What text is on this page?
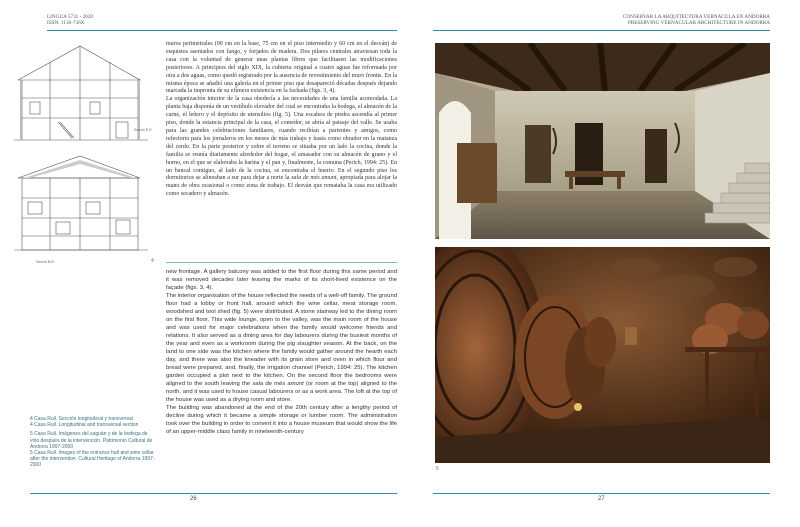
LINGUA 5731 - 2020
ISSN: 1136-736X
CONSERVAR LA ARQUITECTURA VERNACULA EN ANDORRA
PRESERVING VERNACULAR ARCHITECTURE IN ANDORRA
Secció E-E
Secció B-B	4

muros perimetrales (90 cm en la base, 75 cm en el piso intermedio y 60 cm en el desván) de esquistos asentados con fango, y forjados de madera. Dos pilares centrales atraviesan toda la casa con la voluntad de generar unas plantas libres que facilitasen las modificaciones posteriores. A principios del siglo XIX, la cubierta original a cuatro aguas fue reformada por otra a dos aguas, como quedó registrado por la ausencia de revestimiento del muro frontis. En la misma época se añadió una galería en el primer piso que desapareció décadas después dejando marcada la impronta de su efímera existencia en la fachada (figs. 3, 4).

La organización interior de la casa obedecía a las necesidades de una familia acomodada. La planta baja disponía de un vestíbulo elevador del cual se encontraba la bodega, el almacén de la carne, el leñero y el depósito de utensilios (fig. 5). Una escalera de piedra ascendía al primer piso, donde la estancia principal de la casa, el comedor, se abría al paisaje del valle. Se usaba para las grandes celebraciones familiares, cuando recibían a parientes y amigos, como refectorio para los jornaleros en los meses de más trabajo y hasta como obrador en la matanza del cerdo. En la parte posterior y sobre el terreno se situaba por un lado la cocina, donde la familia se reunía diariamente alrededor del hogar, el amasador con su almacén de grano y el horno, en el que se elaboraba la harina y el pan y, finalmente, la comuna (Perich, 1994: 25). En un bancal contiguo, al lado de la cocina, se encontraba el huerto. En el segundo piso los dormitorios se alineaban a sur para dejar a norte la sala de més amunt, apropiada para alojar la mano de obra ocasional o como zona de trabajo. El desván que remataba la casa era utilizado como secadero y almacén.

new frontage. A gallery balcony was added to the first floor during this same period and it was removed decades later leaving the marks of its short-lived existence on the façade (figs. 3, 4).

The interior organisation of the house reflected the needs of a well-off family. The ground floor had a lobby or front hall, around which the wine cellar, meat storage room, woodshed and tool shed (fig. 5) were distributed. A stone stairway led to the dining room on the first floor. This wide lounge, open to the valley, was the main room of the house and was used for major celebrations when the family would welcome friends and relations. It also served as a dining area for day labourers during the busiest months of the year and even as a workroom during the pig slaughter season. At the back, on the land to one side was the kitchen where the family would gather around the hearth each day, and there was also the kneader with its grain store and oven in which flour and bread were prepared, and, finally, the irrigation channel (Perich, 1994: 25). The kitchen garden occupied a plot next to the kitchen. On the second floor the bedrooms were aligned to the south leaving the sala de més amunt (or room at the top) aligned to the north, and it was used to house casual labourers or as a work area. The loft at the top of the house was used as a drying room and store.

The building was abandoned at the end of the 20th century after a lengthy period of decline during which it became a simple storage or lumber room. The administration took over the building in order to convert it into a house museum that would show the life of an upper-middle class family in nineteenth-century

4 Casa Rull. Sección longitudinal y transversal
4 Casa Rull. Longitudinal and transversal section
5 Casa Rull. Imágenes del zaguán y de la bodega de vino después de la intervención. Patrimonio Cultural de Andorra 1997-2000
5 Casa Rull. Images of the entrance hall and wine cellar after the intervention. Cultural Heritage of Andorra 1997-2000
5
26	27
